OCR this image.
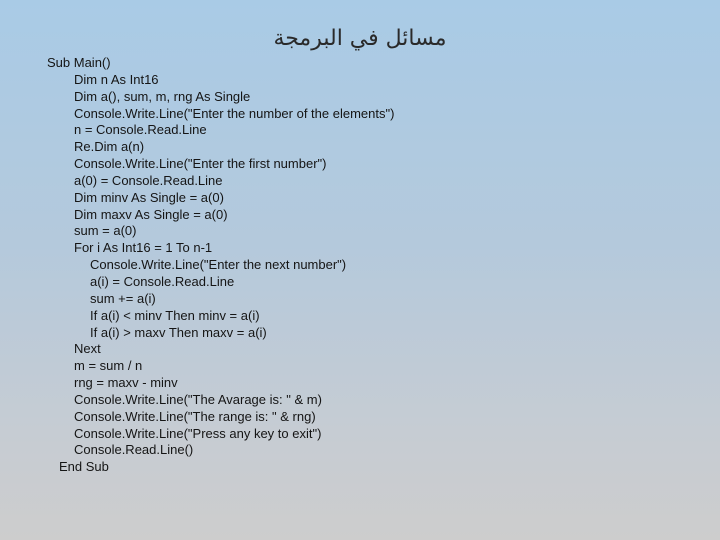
مسائل في البرمجة
Sub Main()
Dim n As Int16
Dim a(), sum, m, rng As Single
Console.Write.Line("Enter the number of the elements")
n = Console.Read.Line
Re.Dim a(n)
Console.Write.Line("Enter the first number")
a(0) = Console.Read.Line
Dim minv As Single = a(0)
Dim maxv As Single = a(0)
sum = a(0)
For i As Int16 = 1 To n-1
Console.Write.Line("Enter the next number")
a(i) = Console.Read.Line
sum += a(i)
If a(i) < minv Then minv = a(i)
If a(i) > maxv Then maxv = a(i)
Next
m = sum / n
rng = maxv - minv
Console.Write.Line("The Avarage is: " & m)
Console.Write.Line("The range is: " & rng)
Console.Write.Line("Press any key to exit")
Console.Read.Line()
End Sub
